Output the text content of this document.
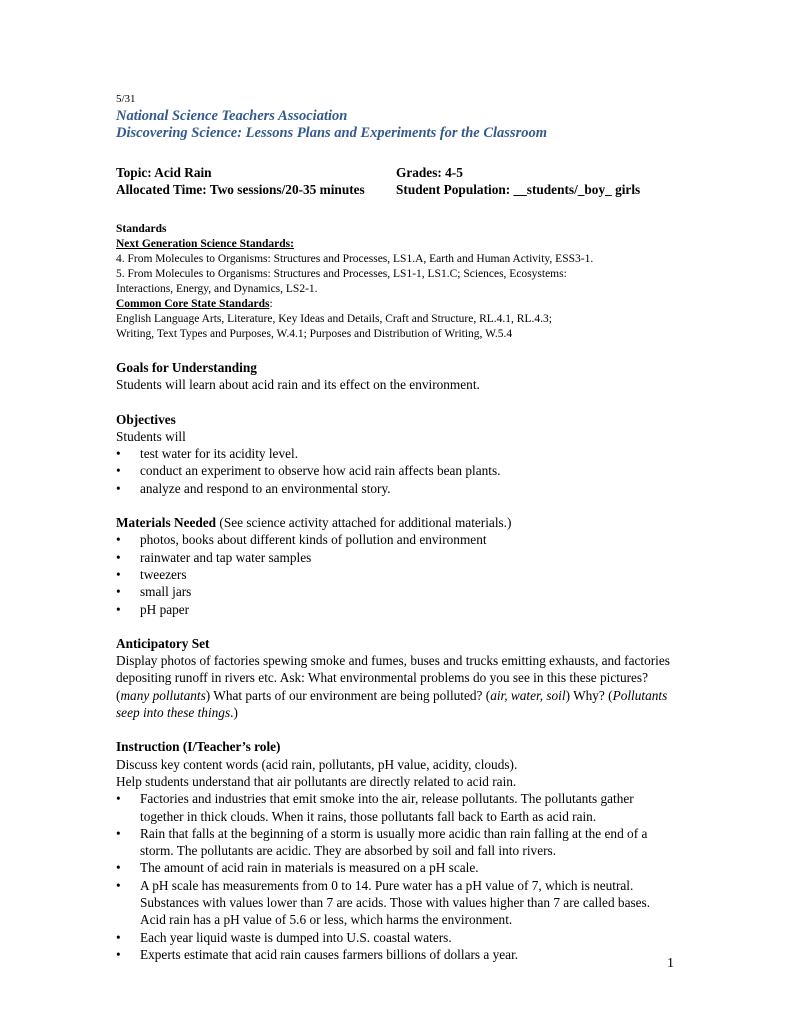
5/31
National Science Teachers Association
Discovering Science: Lessons Plans and Experiments for the Classroom
Topic: Acid Rain	Grades: 4-5
Allocated Time: Two sessions/20-35 minutes	Student Population: __students/_boy_ girls
Standards
Next Generation Science Standards:
4. From Molecules to Organisms: Structures and Processes, LS1.A, Earth and Human Activity, ESS3-1.
5. From Molecules to Organisms: Structures and Processes, LS1-1, LS1.C; Sciences, Ecosystems:
Interactions, Energy, and Dynamics, LS2-1.
Common Core State Standards:
English Language Arts, Literature, Key Ideas and Details, Craft and Structure, RL.4.1, RL.4.3;
Writing, Text Types and Purposes, W.4.1; Purposes and Distribution of Writing, W.5.4
Goals for Understanding
Students will learn about acid rain and its effect on the environment.
Objectives
Students will
• test water for its acidity level.
• conduct an experiment to observe how acid rain affects bean plants.
• analyze and respond to an environmental story.
Materials Needed (See science activity attached for additional materials.)
• photos, books about different kinds of pollution and environment
• rainwater and tap water samples
• tweezers
• small jars
• pH paper
Anticipatory Set
Display photos of factories spewing smoke and fumes, buses and trucks emitting exhausts, and factories depositing runoff in rivers etc. Ask: What environmental problems do you see in this these pictures? (many pollutants) What parts of our environment are being polluted? (air, water, soil) Why? (Pollutants seep into these things.)
Instruction (I/Teacher’s role)
Discuss key content words (acid rain, pollutants, pH value, acidity, clouds).
Help students understand that air pollutants are directly related to acid rain.
• Factories and industries that emit smoke into the air, release pollutants. The pollutants gather together in thick clouds. When it rains, those pollutants fall back to Earth as acid rain.
• Rain that falls at the beginning of a storm is usually more acidic than rain falling at the end of a storm. The pollutants are acidic. They are absorbed by soil and fall into rivers.
• The amount of acid rain in materials is measured on a pH scale.
• A pH scale has measurements from 0 to 14. Pure water has a pH value of 7, which is neutral. Substances with values lower than 7 are acids. Those with values higher than 7 are called bases. Acid rain has a pH value of 5.6 or less, which harms the environment.
• Each year liquid waste is dumped into U.S. coastal waters.
• Experts estimate that acid rain causes farmers billions of dollars a year.
1
